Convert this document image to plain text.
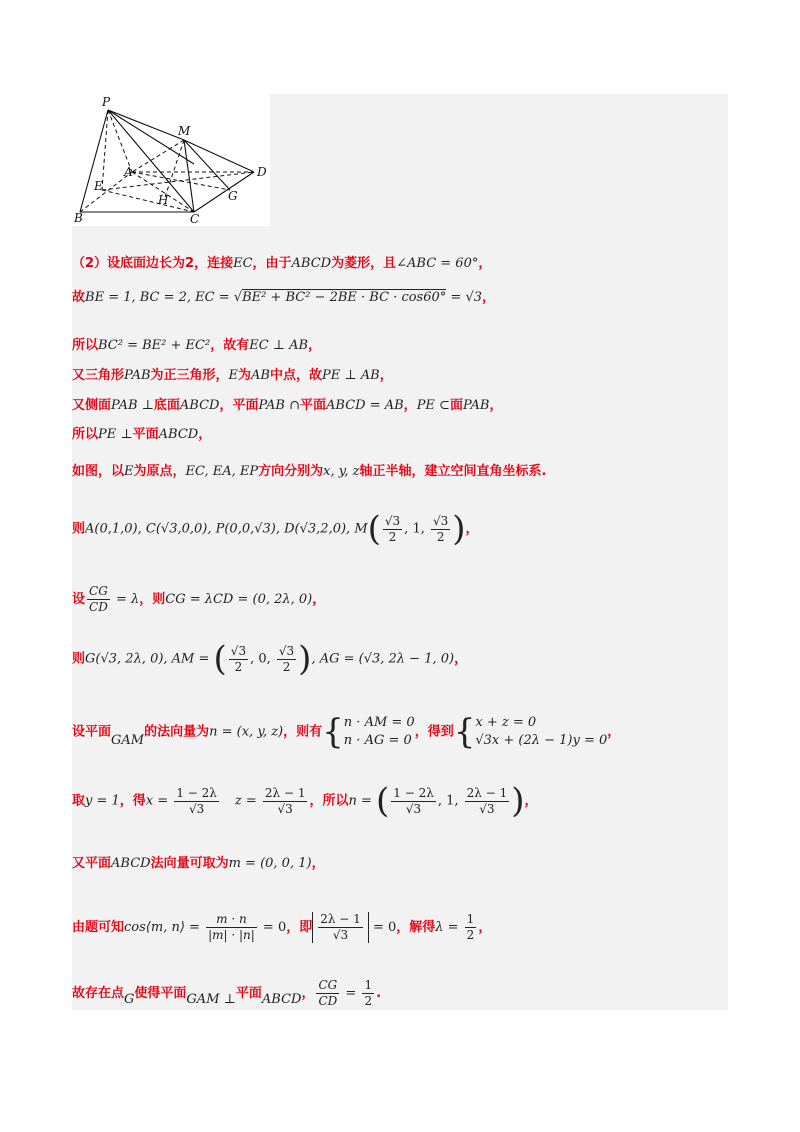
P
M
A	D
E
H	G
B	C
（2）设底面边长为2，连接EC，由于ABCD为菱形，且∠ABC = 60°，
故BE = 1, BC = 2, EC = √BE² + BC² − 2BE · BC · cos60° = √3，
所以BC² = BE² + EC²，故有EC ⊥ AB，
又三角形PAB为正三角形，E为AB中点，故PE ⊥ AB，
又侧面PAB ⊥底面ABCD，平面PAB ∩平面ABCD = AB，PE ⊂面PAB，
所以PE ⊥平面ABCD，
如图，以E为原点，EC, EA, EP方向分别为x, y, z轴正半轴，建立空间直角坐标系.
则A(0,1,0), C(√3,0,0), P(0,0,√3), D(√3,2,0), $M( \frac{√3}{2}$ , 1, $\frac{√3}{2}$ )，
设 $\frac{CG}{CD} = \lambda$，则CG = λCD = (0, 2λ, 0)，
则G(√3, 2λ, 0), AM = ( $\frac{√3}{2}$ , 0, $\frac{√3}{2}$ ), AG = (√3, 2λ − 1, 0)，
设平面GAM的法向量为n = (x, y, z)，则有{ n · AM = 0
n · AG = 0
，得到{ x + z = 0
√3x + (2λ − 1)y = 0
，
取y = 1，得$x = \frac{1 - 2\lambda}{√3}$ $z = \frac{2\lambda - 1}{√3}$ ，所以n = ( $\frac{1 - 2\lambda}{√3}$ , 1, $\frac{2\lambda - 1}{√3}$ )，
又平面ABCD法向量可取为m = (0, 0, 1)，
由题可知cos⟨m, n⟩ = $\frac{m \cdot n}{|m| \cdot |n|} = 0$，即 $\frac{2\lambda - 1}{√3} = 0$，解得$\lambda = \frac{1}{2}$ ，
故存在点G使得平面GAM ⊥平面ABCD， $\frac{CG}{CD} = \frac{1}{2}$ .
